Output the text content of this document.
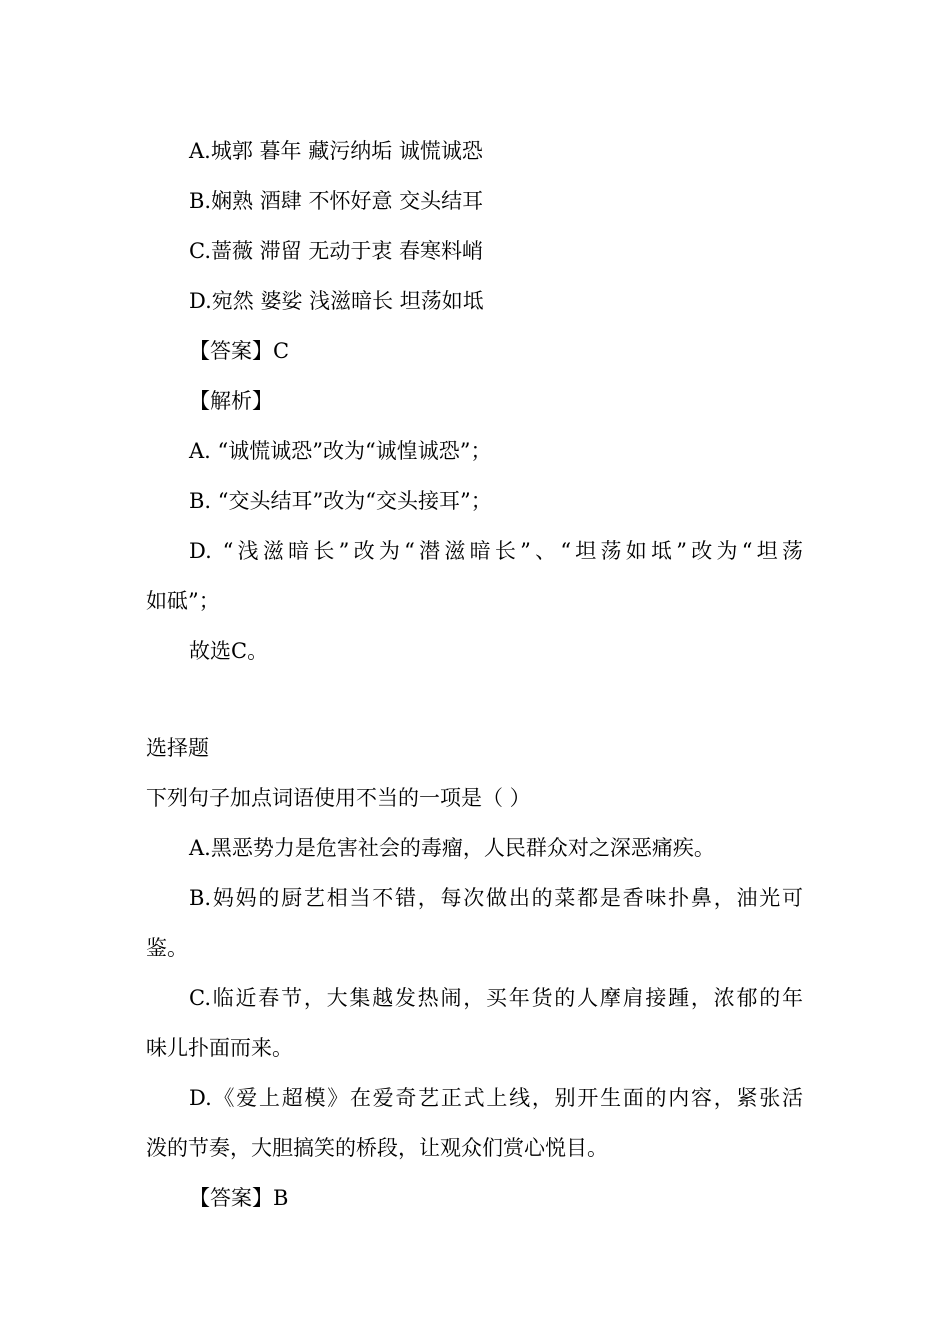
A.城郭 暮年 藏污纳垢 诚慌诚恐
B.娴熟 酒肆 不怀好意 交头结耳
C.蔷薇 滞留 无动于衷 春寒料峭
D.宛然 婆娑 浅滋暗长 坦荡如坻
【答案】C
【解析】
A. “诚慌诚恐”改为“诚惶诚恐”；
B. “交头结耳”改为“交头接耳”；
D. “浅滋暗长”改为“潜滋暗长”、“坦荡如坻”改为“坦荡
如砥”；
故选C。
选择题
下列句子加点词语使用不当的一项是（ ）
A.黑恶势力是危害社会的毒瘤，人民群众对之深恶痛疾。
B.妈妈的厨艺相当不错，每次做出的菜都是香味扑鼻，油光可
鉴。
C.临近春节，大集越发热闹，买年货的人摩肩接踵，浓郁的年
味儿扑面而来。
D.《爱上超模》在爱奇艺正式上线，别开生面的内容，紧张活
泼的节奏，大胆搞笑的桥段，让观众们赏心悦目。
【答案】B
